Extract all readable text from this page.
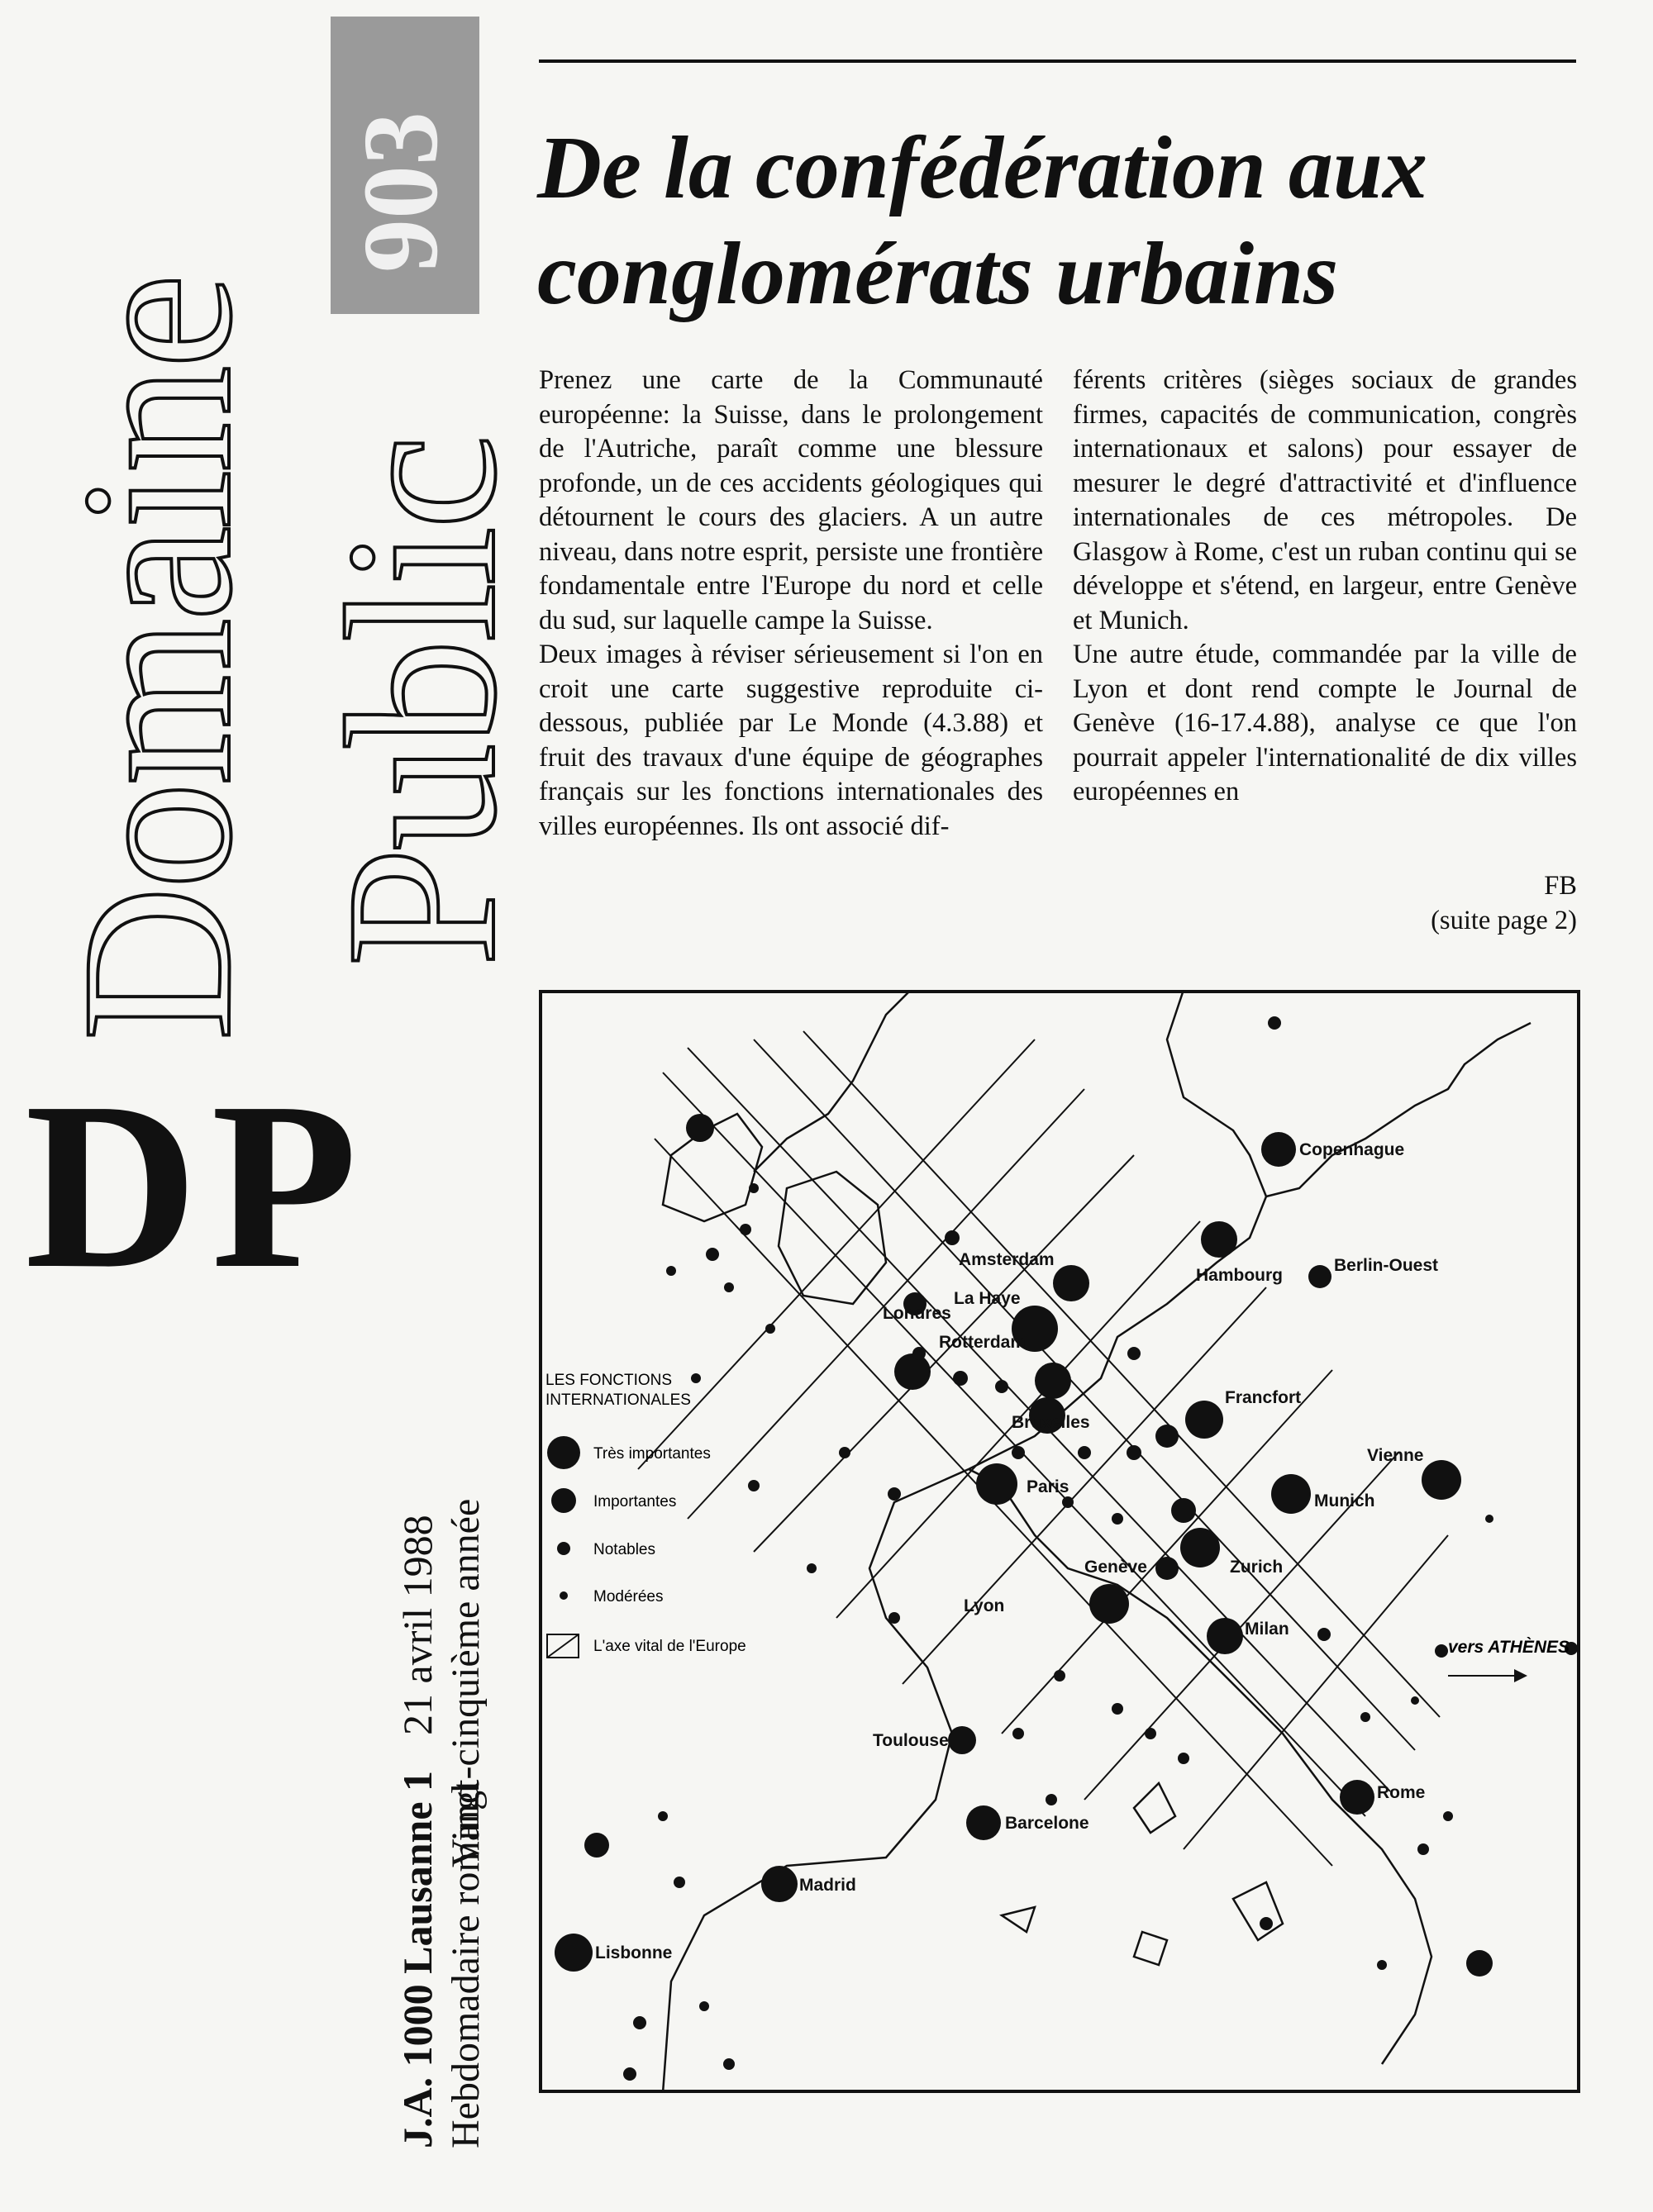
903
Domaine Public
DP
J.A. 1000 Lausanne 1 Hebdomadaire romand
21 avril 1988 Vingt-cinquième année
De la confédération aux conglomérats urbains

Prenez une carte de la Communauté européenne: la Suisse, dans le prolongement de l'Autriche, paraît comme une blessure profonde, un de ces accidents géologiques qui détournent le cours des glaciers. A un autre niveau, dans notre esprit, persiste une frontière fondamentale entre l'Europe du nord et celle du sud, sur laquelle campe la Suisse.

Deux images à réviser sérieusement si l'on en croit une carte suggestive reproduite ci-dessous, publiée par Le Monde (4.3.88) et fruit des travaux d'une équipe de géographes français sur les fonctions internationales des villes européennes. Ils ont associé dif-

férents critères (sièges sociaux de grandes firmes, capacités de communication, congrès internationaux et salons) pour essayer de mesurer le degré d'attractivité et d'influence internationales de ces métropoles. De Glasgow à Rome, c'est un ruban continu qui se développe et s'étend, en largeur, entre Genève et Munich.

Une autre étude, commandée par la ville de Lyon et dont rend compte le Journal de Genève (16-17.4.88), analyse ce que l'on pourrait appeler l'internationalité de dix villes européennes en

FB
(suite page 2)
Copenhague
Hambourg
Berlin-Ouest
Amsterdam
La Haye
Londres
Rotterdam
Bruxelles
Francfort
Paris
Vienne
Munich
Genève	Zurich
Lyon
Milan
Toulouse
Barcelone
Madrid
Lisbonne
Rome
vers ATHÈNES
LES FONCTIONS
INTERNATIONALES
Très importantes
Importantes
Notables
Modérées
L'axe vital de l'Europe
